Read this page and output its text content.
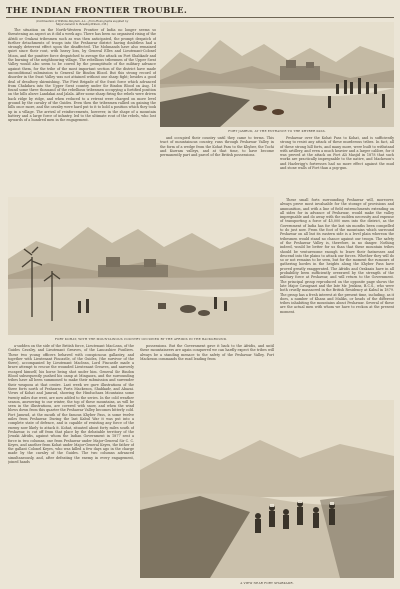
THE INDIAN FRONTIER TROUBLE.
(Continuation of Wilkins Diagram, A.L., from Photographs supplied by
Major-General S. Bewdley-Wilson, C.B.)

The situation on the North-Western Frontier of India no longer seems so threatening an aspect as it did a week ago. There has been no organised rising of the Afridi or Orakzai tribesmen such as was then anticipated, the prompt despatch of further detachments of troops into the Peshawar district having doubtless had a strongly deterrent effect upon the disaffected. The Mohmands have also remained quiet since their rout, with heavy loss, by General Elles and Lieutenant-Colonel Moon, and the punitive force despatched to avenge the attack on Fort Shabkadr and the burning of the neighbouring village. The rebellious tribesmen of the Upper Swat Valley would also seem to be cowed by the promptitude of the military advance against them, for the tribe of the most important section of the district have made unconditional submission to General Sir Bindon Blood. But this strong record of disorder in the Swat Valley was not attained without one sharp fight; besides a good deal of desultory skirmishing. The First Brigade of the Swat force which advanced from Chakdara into the Upper Swat country under Sir Bindon Blood on Aug. 16 found some three thousand of the rebellious tribesmen occupying a fortified position on the hills above Landakai and Jalala. After some sharp firing the rebels were driven back ridge by ridge, and when reduced to a retreat were charged on more level ground by the cavalry of the Guides. Even then the tribesmen rallied on gaining the hills once more, and the cavalry were hard put to it to hold a position which they took up in a village. The arrival of reinforcements, however, in the shape of a mountain battery and a large force of infantry, led to the ultimate rout of the rebels, who lost upwards of a hundred men in the engagement.

FORT JAMRUD, AT THE ENTRANCE TO THE KHYBER PASS.

and occupied their country until they came to terms. This tract of mountainous country, runs through Peshawar Valley in the form of a wedge from the Kohat Pass to the Khyber, the Tochi and Kurram valleys, and at that time, to have become permanently part and parcel of the British possessions.

Peshawar over the Kohat Pass to Kohat, and is sufficiently strong to resist any attack of these murderous tribes. In fact, all of these strong hill forts, and many more, were built to withstand with artillery, and even a much heavier and a larger calibre, for it was proved at the attack on Fort Ali Masjid in 1878 that such works are practically impregnable to the native, and Mackeson's and Hazlerigg's fortresses had no more effect against the mud and stone walls of Fort than a pop-gun.

FORT KOHAT, WITH THE MOUNTAINOUS COUNTRY OCCUPIED BY THE AFRIDIS IN THE BACKGROUND.

These small forts surrounding Peshawar will, moreover, always prove most invaluable for the storage of provisions and ammunition, and with a line of field entrenchments extending on all sides for in advance of Peshawar, would make the valley impregnable and do away with the sudden necessity and expense of transporting a force of 45,000 men into the district, as the Government of India has for the last six months been compelled to do just now. From the foot of the mountains which surround Peshawar on all but its eastern side is a level plain whereon the tribesmen would stand no chance against our troops. The safety of the Peshawar Valley is, therefore, in no danger. Nothing indeed, would be better for us than that these mountain tribes should be venturesome enough to leave their fastnesses and descend into the plains to attack our forces. Whether they will do so or not remains to be seen, but for the moment the rumours of gathering hordes in the heights along the Khyber Pass have proved greatly exaggerated. The Afridis and Orakzais have in all probability been sufficiently overawed by the strength of the military force at Peshawar, and will return to the Government. The principal group reproduced on the opposite page shows the late Major Cavagnari and the late Mr. Jenkins, B.C.S., who were both cruelly massacred in the British Residency at Kabul in 1879. The group has a fresh interest at the present time, including, as it does, a number of Khans and Maliks, or heads of the different tribes inhabiting the mountains about Peshawar. Several of these are the actual men with whom we have to reckon at the present moment.

a-sudden on the side of the British force, Lieutenant MacLean, of the Guides Cavalry, and Lieutenant Greaves, of the Lancashire Fusiliers. These two young officers behaved with conspicuous gallantry, and together with Lieutenant Fincastle, of the Guides, (the survivor of the three), accompanied by Lieutenant Maclean, Lord Fincastle made a brave attempt to rescue the wounded Lieutenant Greaves, and narrowly escaped himself, his horse being shot under him. General Sir Bindon Blood subsequently pushed his camp at Mingaora, and the surrounding tribes have all been summoned to make their submission and surrender their weapons at that centre. Last week we gave illustrations of the three forts north of Peshawar, Forts Mackeson, Shabkadr, and Abazai. Views of Kohat and Jamrud, showing the Hinduchara Mountains some twenty miles due west, are now added to the series. In the cold weather season, answering to our winter, the top of these mountains, as will be seen in the illustrations, are covered with snow, and when the wind blows down from this quarter the Peshawar Valley becomes bitterly cold. Fort Jamrud, at the mouth of the famous Khyber Pass, is some twelve miles from Peshawar. During the last Kabul War it was put into a complete state of defence, and is capable of resisting any force of the enemy now likely to attack it. Kohat, situated about forty miles south of Peshawar, is cut off from that place by the debatable territory of the Jowaki Afridis, against whom the Indian Government in 1877 sent a force in two columns, one from Peshawar under Major-General Sir C. C. Keyes, and another from Kohat under Major-General Keyes, the father of the gallant Colonel Keyes, who was killed a few days ago in the charge made by the cavalry of the Guides. The two columns advanced simultaneously, and, after defeating the enemy in every engagement, joined hands

possessions. But the Government gave it back to the Afridis, and until these mountaineers are again conquered we can hardly expect the tribes will always be a standing menace to the safety of the Peshawar Valley. Fort Mackeson commands the road leading from

A VIEW NEAR FORT SHABKADR.
